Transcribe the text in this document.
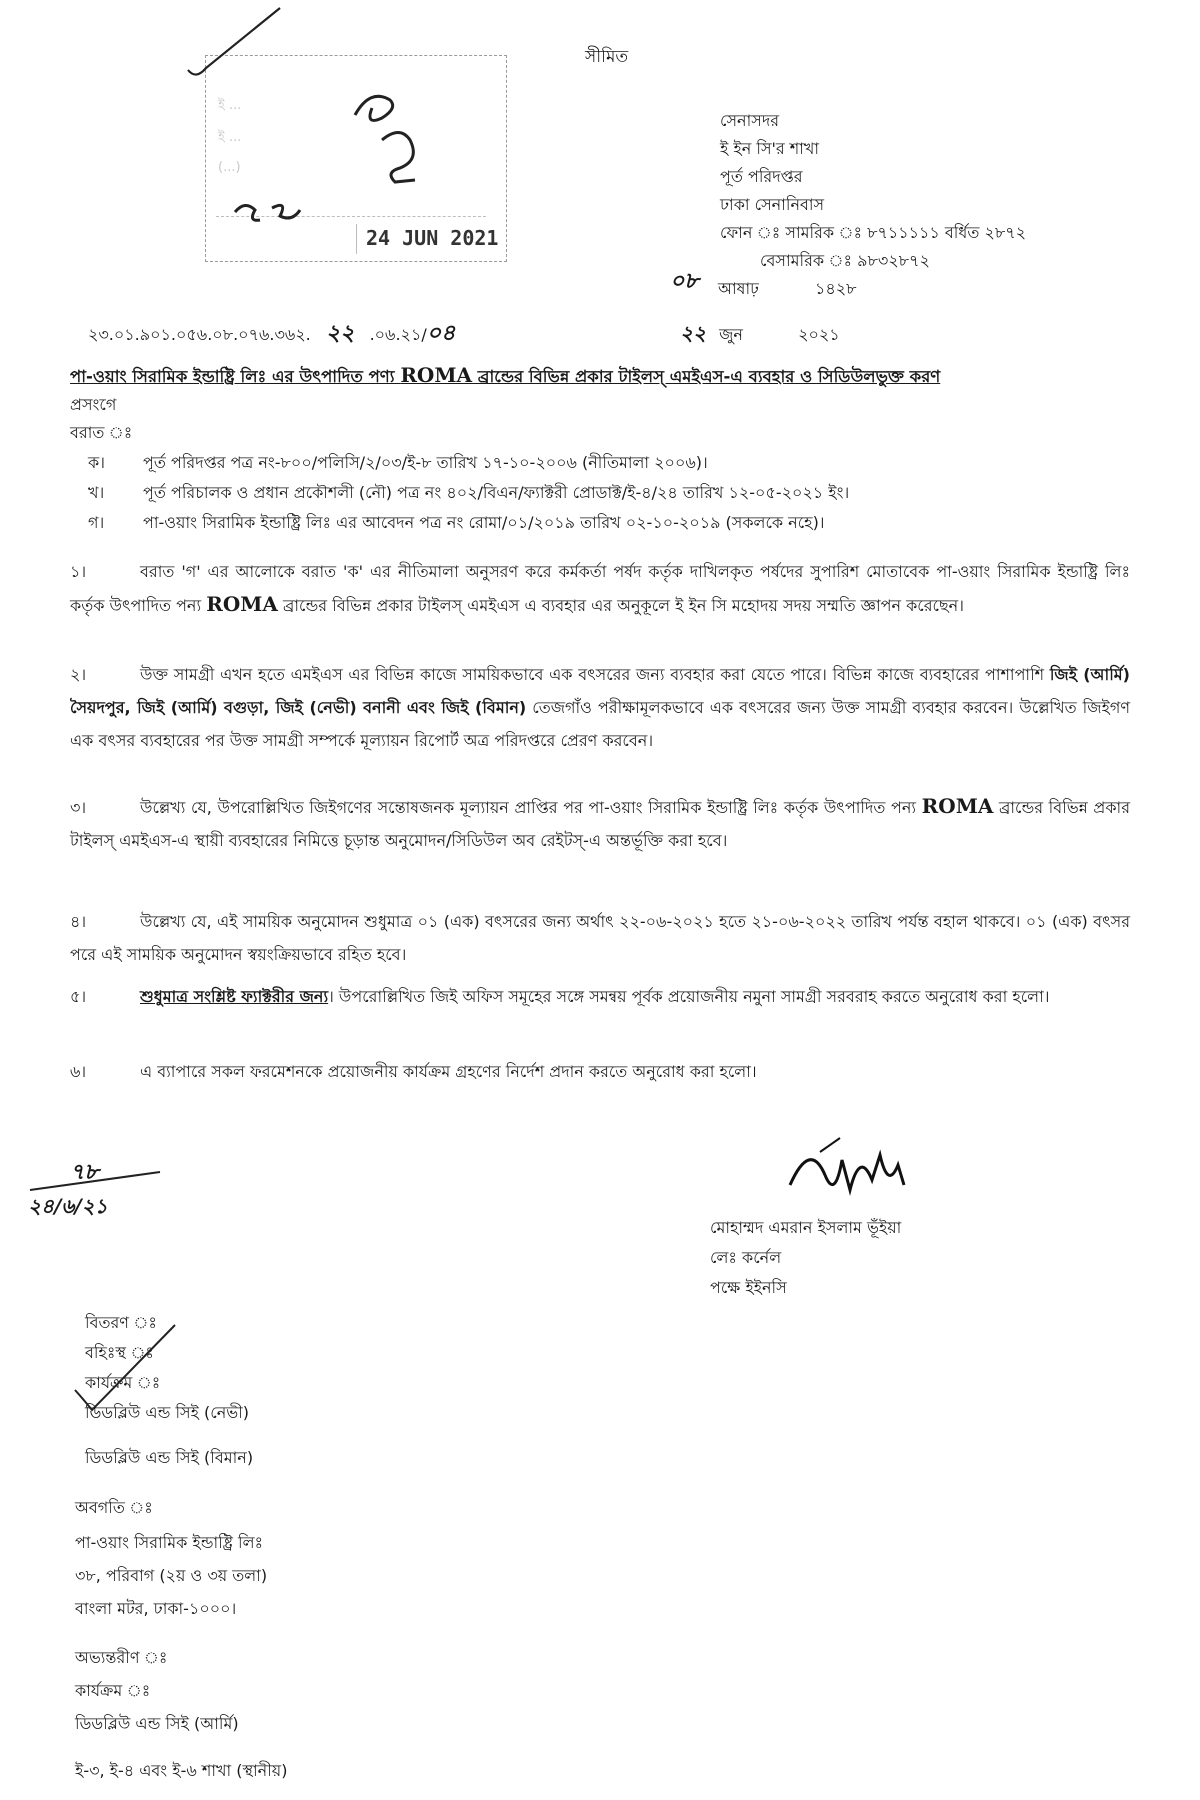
সীমিত
ই ...
ই ...
(...)
24 JUN 2021
সেনাসদর
ই ইন সি'র শাখা
পূর্ত পরিদপ্তর
ঢাকা সেনানিবাস
ফোন ঃ সামরিক ঃ ৮৭১১১১১ বর্ধিত ২৮৭২
বেসামরিক ঃ ৯৮৩২৮৭২
০৮ আষাঢ়	১৪২৮
২৩.০১.৯০১.০৫৬.০৮.০৭৬.৩৬২. ২২ .০৬.২১/০৪	২২ জুন	২০২১
পা-ওয়াং সিরামিক ইন্ডাষ্ট্রি লিঃ এর উৎপাদিত পণ্য ROMA ব্রান্ডের বিভিন্ন প্রকার টাইলস্ এমইএস-এ ব্যবহার ও সিডিউলভুক্ত করণ
প্রসংগে
বরাত ঃ
ক। পূর্ত পরিদপ্তর পত্র নং-৮০০/পলিসি/২/০৩/ই-৮ তারিখ ১৭-১০-২০০৬ (নীতিমালা ২০০৬)।
খ। পূর্ত পরিচালক ও প্রধান প্রকৌশলী (নৌ) পত্র নং ৪০২/বিএন/ফ্যাক্টরী প্রোডাক্ট/ই-৪/২৪ তারিখ ১২-০৫-২০২১ ইং।
গ। পা-ওয়াং সিরামিক ইন্ডাষ্ট্রি লিঃ এর আবেদন পত্র নং রোমা/০১/২০১৯ তারিখ ০২-১০-২০১৯ (সকলকে নহে)।
১।	বরাত 'গ' এর আলোকে বরাত 'ক' এর নীতিমালা অনুসরণ করে কর্মকর্তা পর্ষদ কর্তৃক দাখিলকৃত পর্ষদের সুপারিশ মোতাবেক পা-ওয়াং সিরামিক ইন্ডাষ্ট্রি লিঃ কর্তৃক উৎপাদিত পন্য ROMA ব্রান্ডের বিভিন্ন প্রকার টাইলস্ এমইএস এ ব্যবহার এর অনুকূলে ই ইন সি মহোদয় সদয় সম্মতি জ্ঞাপন করেছেন।
২।	উক্ত সামগ্রী এখন হতে এমইএস এর বিভিন্ন কাজে সাময়িকভাবে এক বৎসরের জন্য ব্যবহার করা যেতে পারে। বিভিন্ন কাজে ব্যবহারের পাশাপাশি জিই (আর্মি) সৈয়দপুর, জিই (আর্মি) বগুড়া, জিই (নেভী) বনানী এবং জিই (বিমান) তেজগাঁও পরীক্ষামূলকভাবে এক বৎসরের জন্য উক্ত সামগ্রী ব্যবহার করবেন। উল্লেখিত জিইগণ এক বৎসর ব্যবহারের পর উক্ত সামগ্রী সম্পর্কে মূল্যায়ন রিপোর্ট অত্র পরিদপ্তরে প্রেরণ করবেন।
৩।	উল্লেখ্য যে, উপরোল্লিখিত জিইগণের সন্তোষজনক মূল্যায়ন প্রাপ্তির পর পা-ওয়াং সিরামিক ইন্ডাষ্ট্রি লিঃ কর্তৃক উৎপাদিত পন্য ROMA ব্রান্ডের বিভিন্ন প্রকার টাইলস্ এমইএস-এ স্থায়ী ব্যবহারের নিমিত্তে চূড়ান্ত অনুমোদন/সিডিউল অব রেইটস্-এ অন্তর্ভূক্তি করা হবে।
৪।	উল্লেখ্য যে, এই সাময়িক অনুমোদন শুধুমাত্র ০১ (এক) বৎসরের জন্য অর্থাৎ ২২-০৬-২০২১ হতে ২১-০৬-২০২২ তারিখ পর্যন্ত বহাল থাকবে। ০১ (এক) বৎসর পরে এই সাময়িক অনুমোদন স্বয়ংক্রিয়ভাবে রহিত হবে।
৫।	শুধুমাত্র সংশ্লিষ্ট ফ্যাক্টরীর জন্য। উপরোল্লিখিত জিই অফিস সমূহের সঙ্গে সমন্বয় পূর্বক প্রয়োজনীয় নমুনা সামগ্রী সরবরাহ করতে অনুরোধ করা হলো।
৬।	এ ব্যাপারে সকল ফরমেশনকে প্রয়োজনীয় কার্যক্রম গ্রহণের নির্দেশ প্রদান করতে অনুরোধ করা হলো।
৭৮
২৪/৬/২১
মোহাম্মদ এমরান ইসলাম ভূঁইয়া
লেঃ কর্নেল
পক্ষে ইইনসি
বিতরণ ঃ
বহিঃস্থ ঃ
কার্যক্রম ঃ
ডিডব্লিউ এন্ড সিই (নেভী)
ডিডব্লিউ এন্ড সিই (বিমান)
অবগতি ঃ
পা-ওয়াং সিরামিক ইন্ডাষ্ট্রি লিঃ
৩৮, পরিবাগ (২য় ও ৩য় তলা)
বাংলা মটর, ঢাকা-১০০০।
অভ্যন্তরীণ ঃ
কার্যক্রম ঃ
ডিডব্লিউ এন্ড সিই (আর্মি)
ই-৩, ই-৪ এবং ই-৬ শাখা (স্থানীয়)
